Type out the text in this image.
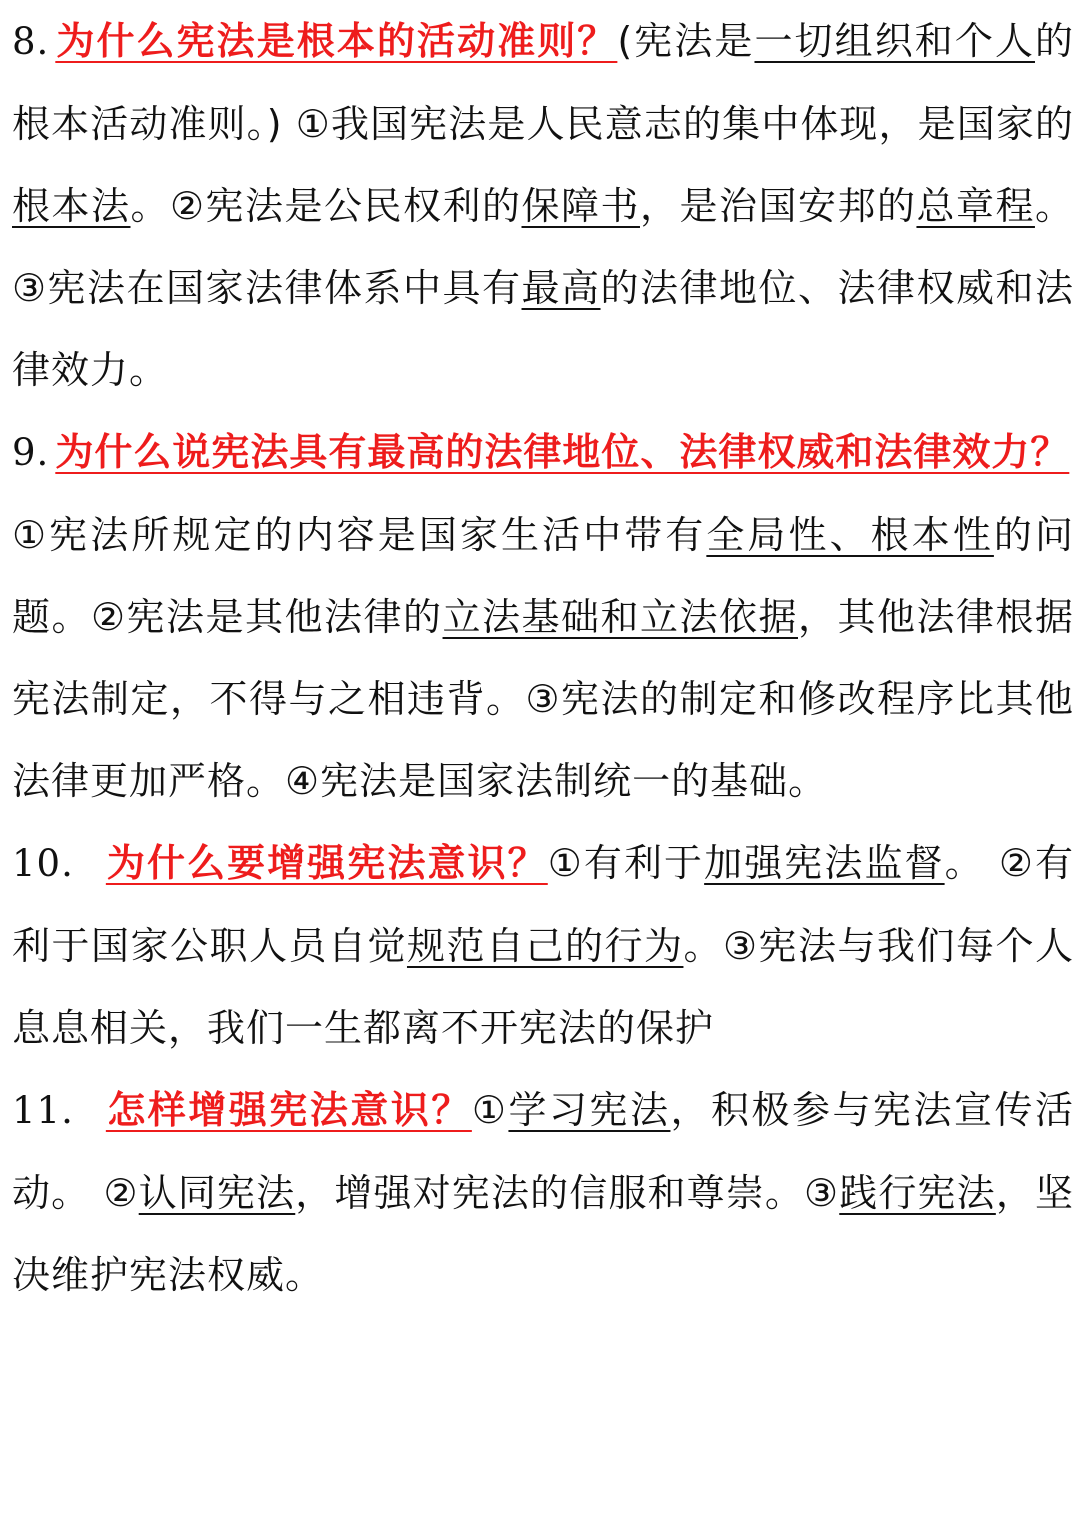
8. 为什么宪法是根本的活动准则？(宪法是一切组织和个人的根本活动准则。) ①我国宪法是人民意志的集中体现，是国家的根本法。②宪法是公民权利的保障书，是治国安邦的总章程。③宪法在国家法律体系中具有最高的法律地位、法律权威和法律效力。

9. 为什么说宪法具有最高的法律地位、法律权威和法律效力？
①宪法所规定的内容是国家生活中带有全局性、根本性的问题。②宪法是其他法律的立法基础和立法依据，其他法律根据宪法制定，不得与之相违背。③宪法的制定和修改程序比其他法律更加严格。④宪法是国家法制统一的基础。

10. 为什么要增强宪法意识？①有利于加强宪法监督。 ②有利于国家公职人员自觉规范自己的行为。③宪法与我们每个人息息相关，我们一生都离不开宪法的保护

11. 怎样增强宪法意识？①学习宪法，积极参与宪法宣传活动。 ②认同宪法，增强对宪法的信服和尊崇。③践行宪法，坚决维护宪法权威。
